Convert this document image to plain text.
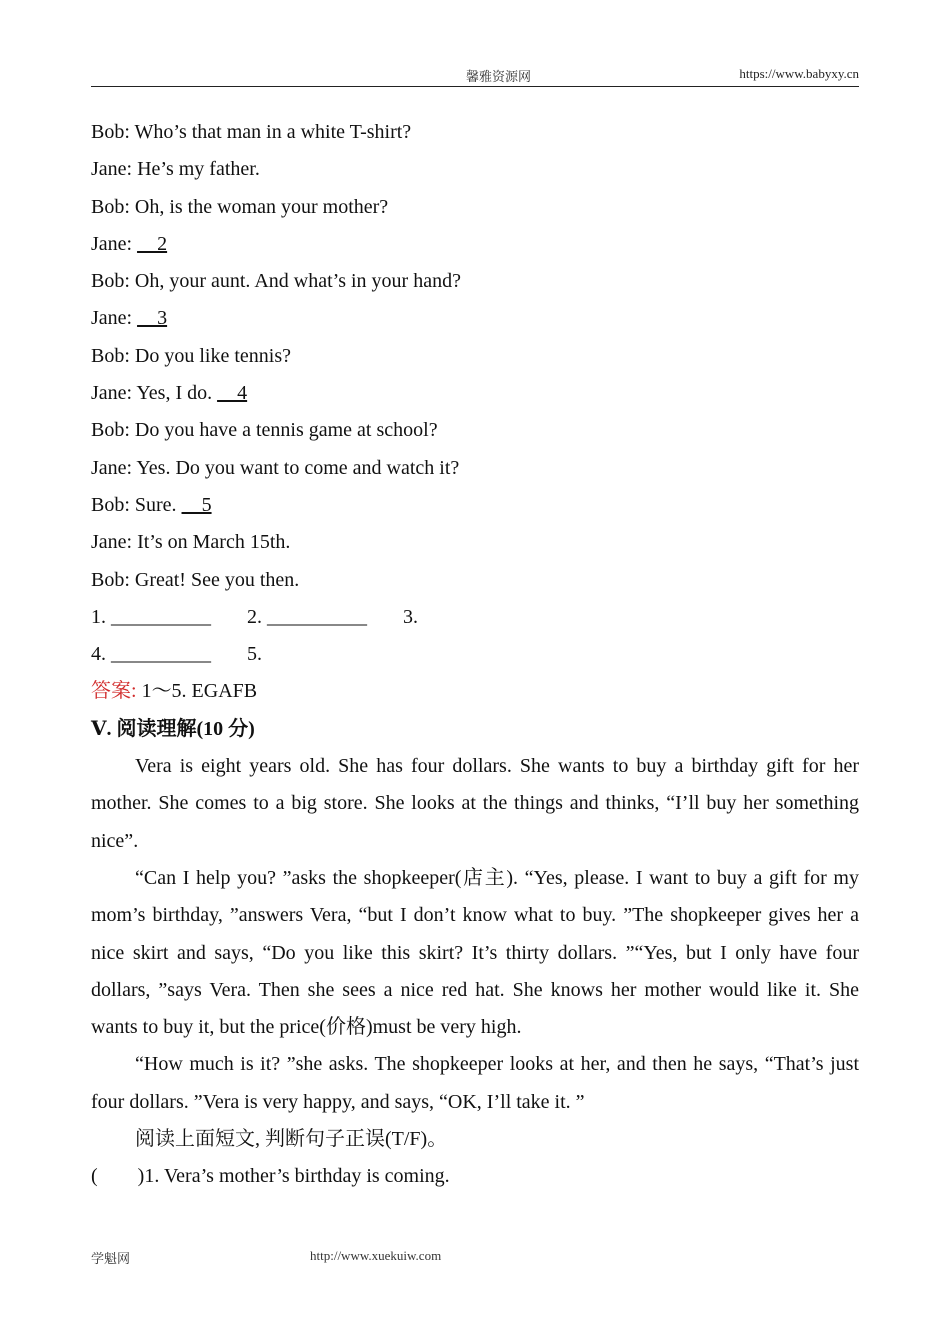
馨雅资源网	https://www.babyxy.cn
Bob: Who’s that man in a white T-shirt?
Jane: He’s my father.
Bob: Oh, is the woman your mother?
Jane: __2
Bob: Oh, your aunt. And what’s in your hand?
Jane: __3
Bob: Do you like tennis?
Jane: Yes, I do. __4
Bob: Do you have a tennis game at school?
Jane: Yes. Do you want to come and watch it?
Bob: Sure. __5
Jane: It’s on March 15th.
Bob: Great! See you then.
1. __________ 2. __________ 3.
4. __________ 5.
答案: 1～5. EGAFB
Ⅴ. 阅读理解(10 分)

Vera is eight years old. She has four dollars. She wants to buy a birthday gift for her mother. She comes to a big store. She looks at the things and thinks, “I’ll buy her something nice”.

“Can I help you? ”asks the shopkeeper(店主). “Yes, please. I want to buy a gift for my mom’s birthday, ”answers Vera, “but I don’t know what to buy. ”The shopkeeper gives her a nice skirt and says, “Do you like this skirt? It’s thirty dollars. ”“Yes, but I only have four dollars, ”says Vera. Then she sees a nice red hat. She knows her mother would like it. She wants to buy it, but the price(价格)must be very high.

“How much is it? ”she asks. The shopkeeper looks at her, and then he says, “That’s just four dollars. ”Vera is very happy, and says, “OK, I’ll take it. ”

阅读上面短文, 判断句子正误(T/F)。

(　　)1. Vera’s mother’s birthday is coming.
学魁网	http://www.xuekuiw.com
